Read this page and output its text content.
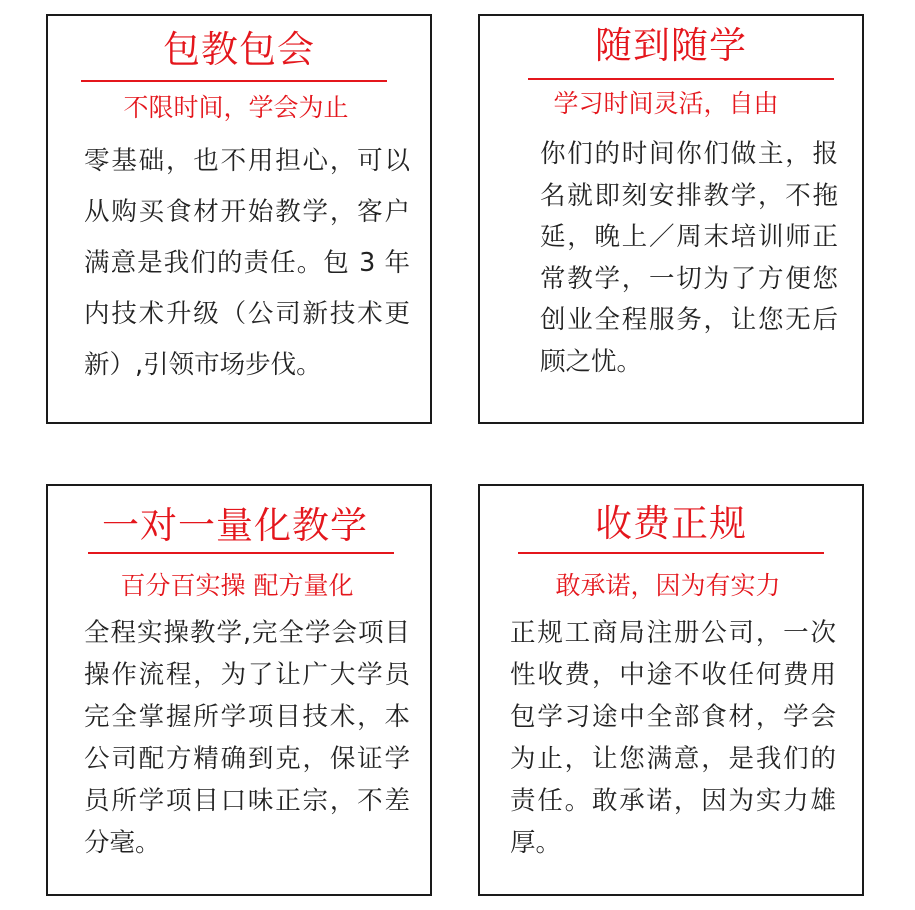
包教包会
不限时间，学会为止

零基础，也不用担心，可以从购买食材开始教学，客户满意是我们的责任。包 3 年内技术升级（公司新技术更新）,引领市场步伐。

随到随学
学习时间灵活，自由

你们的时间你们做主，报名就即刻安排教学，不拖延，晚上／周末培训师正常教学，一切为了方便您创业全程服务，让您无后顾之忧。

一对一量化教学
百分百实操 配方量化

全程实操教学,完全学会项目操作流程，为了让广大学员完全掌握所学项目技术，本公司配方精确到克，保证学员所学项目口味正宗，不差分毫。

收费正规
敢承诺，因为有实力

正规工商局注册公司，一次性收费，中途不收任何费用包学习途中全部食材，学会为止，让您满意，是我们的责任。敢承诺，因为实力雄厚。
